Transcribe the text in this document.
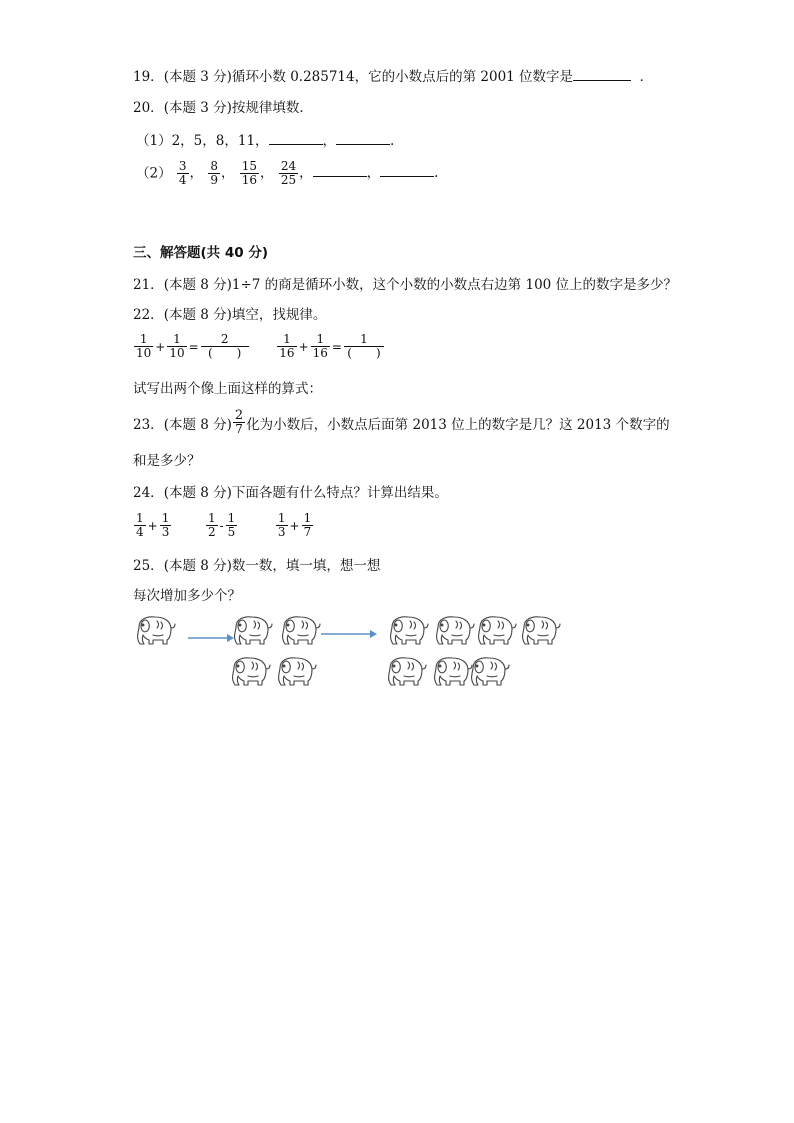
19．(本题 3 分)循环小数 0.285714，它的小数点后的第 2001 位数字是	．
20．(本题 3 分)按规律填数．
（1）2，5，8，11，	，	.
$(2) \frac{3}{4}$ ， $\frac{8}{9}$ ， $\frac{15}{16}$ ， $\frac{24}{25}$ ，	，	.
三、解答题(共 40 分)
21．(本题 8 分)1÷7 的商是循环小数，这个小数的小数点右边第 100 位上的数字是多少？
22．(本题 8 分)填空，找规律。
$\frac{1}{10} + \frac{1}{10} = \frac{2}{( )}$
$\frac{1}{16} + \frac{1}{16} = \frac{1}{( )}$
试写出两个像上面这样的算式：
23．(本题 8 分) $\frac{2}{7}$ 化为小数后，小数点后面第 2013 位上的数字是几？这 2013 个数字的
和是多少？
24．(本题 8 分)下面各题有什么特点？计算出结果。
$\frac{1}{4} + \frac{1}{3}$
	$\frac{1}{2} - \frac{1}{5}$
	$\frac{1}{3} + \frac{1}{7}$
25．(本题 8 分)数一数，填一填，想一想
每次增加多少个？
